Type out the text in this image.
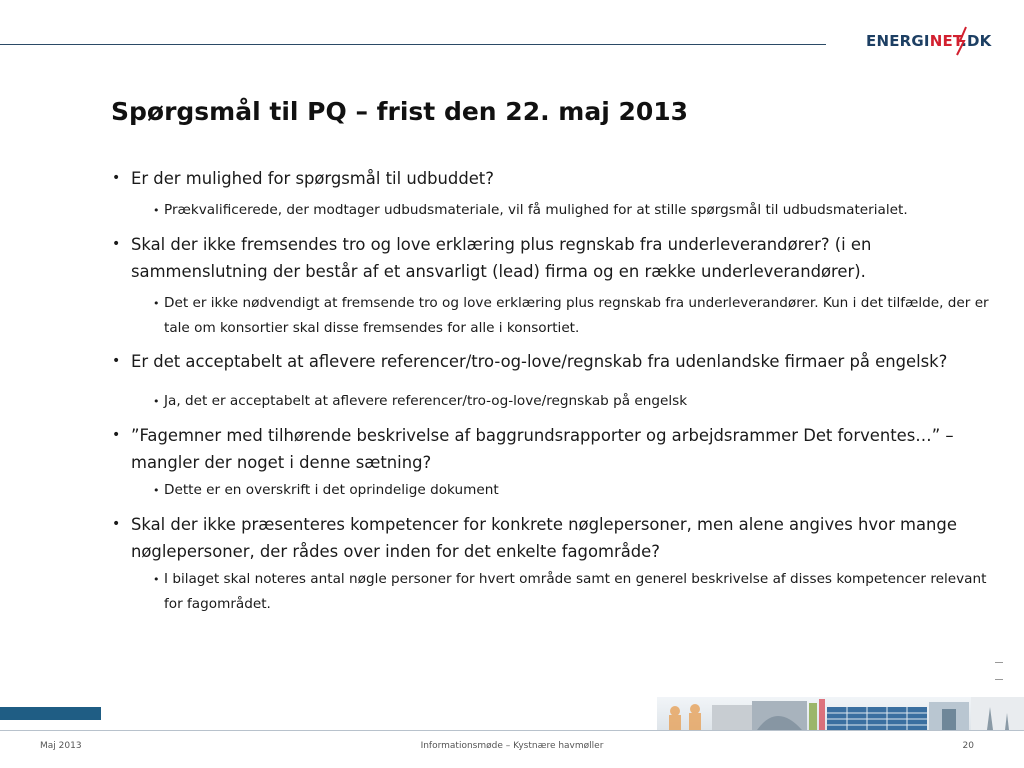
ENERGINET.DK
Spørgsmål til PQ – frist den 22. maj 2013
• Er der mulighed for spørgsmål til udbuddet?
• Prækvalificerede, der modtager udbudsmateriale, vil få mulighed for at stille spørgsmål til udbudsmaterialet.
• Skal der ikke fremsendes tro og love erklæring plus regnskab fra underleverandører? (i en sammenslutning der består af et ansvarligt (lead) firma og en række underleverandører).
• Det er ikke nødvendigt at fremsende tro og love erklæring plus regnskab fra underleverandører. Kun i det tilfælde, der er tale om konsortier skal disse fremsendes for alle i konsortiet.
• Er det acceptabelt at aflevere referencer/tro-og-love/regnskab fra udenlandske firmaer på engelsk?
• Ja, det er acceptabelt at aflevere referencer/tro-og-love/regnskab på engelsk
• ”Fagemner med tilhørende beskrivelse af baggrundsrapporter og arbejdsrammer Det forventes…” – mangler der noget i denne sætning?
• Dette er en overskrift i det oprindelige dokument
• Skal der ikke præsenteres kompetencer for konkrete nøglepersoner, men alene angives hvor mange nøglepersoner, der rådes over inden for det enkelte fagområde?
• I bilaget skal noteres antal nøgle personer for hvert område samt en generel beskrivelse af disses kompetencer relevant for fagområdet.
Maj 2013	Informationsmøde – Kystnære havmøller	20
